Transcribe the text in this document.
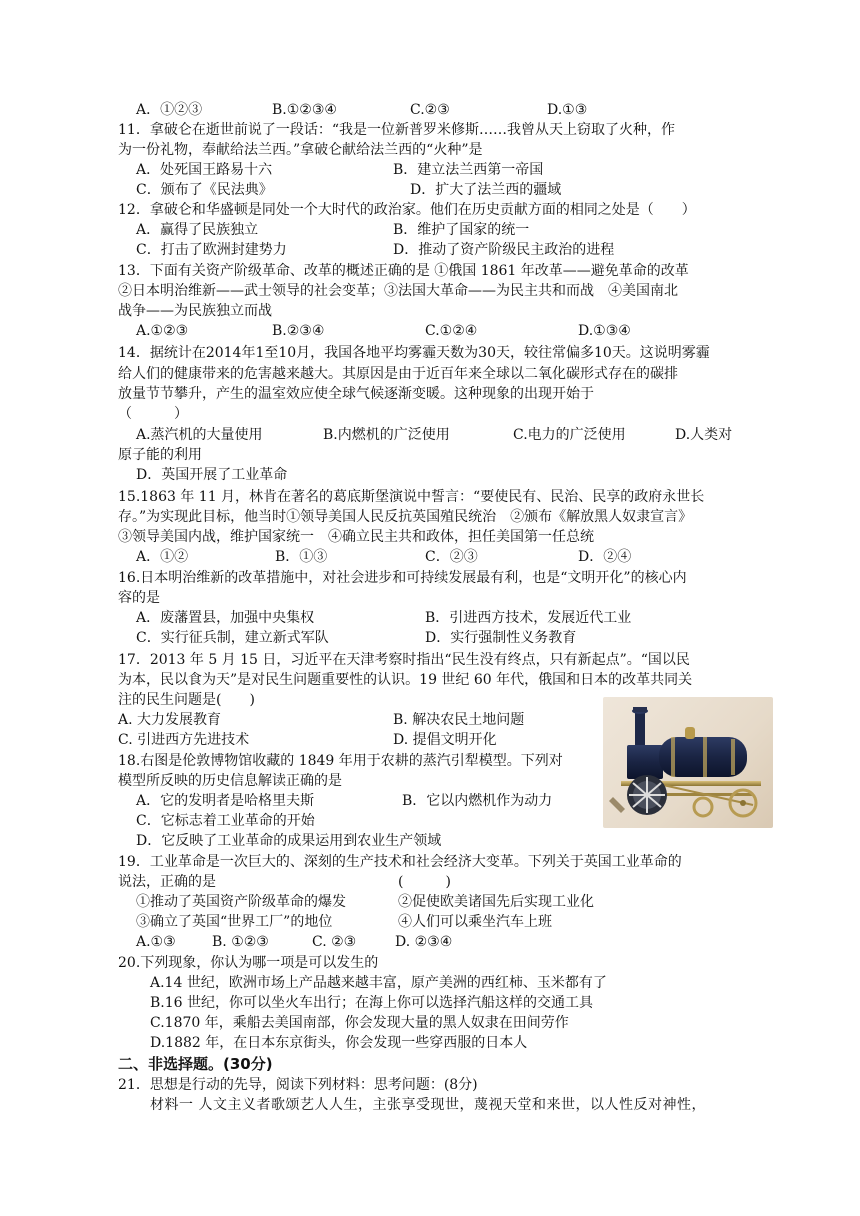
A．①②③	B.①②③④	C.②③	D.①③
11．拿破仑在逝世前说了一段话：“我是一位新普罗米修斯……我曾从天上窃取了火种，作
为一份礼物，奉献给法兰西。”拿破仑献给法兰西的“火种”是
A．处死国王路易十六	B．建立法兰西第一帝国
C．颁布了《民法典》	D．扩大了法兰西的疆域
12．拿破仑和华盛顿是同处一个大时代的政治家。他们在历史贡献方面的相同之处是（　　）
A．赢得了民族独立	B．维护了国家的统一
C．打击了欧洲封建势力	D．推动了资产阶级民主政治的进程
13．下面有关资产阶级革命、改革的概述正确的是 ①俄国 1861 年改革——避免革命的改革
②日本明治维新——武士领导的社会变革；③法国大革命——为民主共和而战　④美国南北
战争——为民族独立而战
A.①②③	B.②③④	C.①②④	D.①③④
14．据统计在2014年1至10月，我国各地平均雾霾天数为30天，较往常偏多10天。这说明雾霾
给人们的健康带来的危害越来越大。其原因是由于近百年来全球以二氧化碳形式存在的碳排
放量节节攀升，产生的温室效应使全球气候逐渐变暖。这种现象的出现开始于
（　　　）
A.蒸汽机的大量使用	B.内燃机的广泛使用	C.电力的广泛使用	D.人类对
原子能的利用
D．英国开展了工业革命
15.1863 年 11 月，林肯在著名的葛底斯堡演说中誓言：“要使民有、民治、民享的政府永世长
存。”为实现此目标，他当时①领导美国人民反抗英国殖民统治　②颁布《解放黑人奴隶宣言》
③领导美国内战，维护国家统一　④确立民主共和政体，担任美国第一任总统
A．①②	B．①③	C．②③	D．②④
16.日本明治维新的改革措施中，对社会进步和可持续发展最有利，也是“文明开化”的核心内
容的是
A．废藩置县，加强中央集权	B．引进西方技术，发展近代工业
C．实行征兵制，建立新式军队	D．实行强制性义务教育
17．2013 年 5 月 15 日，习近平在天津考察时指出“民生没有终点，只有新起点”。“国以民
为本，民以食为天”是对民生问题重要性的认识。19 世纪 60 年代，俄国和日本的改革共同关
注的民生问题是(　　)
A. 大力发展教育	B. 解决农民土地问题
C. 引进西方先进技术	D. 提倡文明开化
18.右图是伦敦博物馆收藏的 1849 年用于农耕的蒸汽引犁模型。下列对
模型所反映的历史信息解读正确的是
A．它的发明者是哈格里夫斯	B．它以内燃机作为动力
C．它标志着工业革命的开始
D．它反映了工业革命的成果运用到农业生产领域
19．工业革命是一次巨大的、深刻的生产技术和社会经济大变革。下列关于英国工业革命的
说法，正确的是	(　　　)
①推动了英国资产阶级革命的爆发	②促使欧美诸国先后实现工业化
③确立了英国“世界工厂”的地位	④人们可以乘坐汽车上班
A.①③	B. ①②③	C. ②③	D. ②③④
20.下列现象，你认为哪一项是可以发生的
A.14 世纪，欧洲市场上产品越来越丰富，原产美洲的西红柿、玉米都有了
B.16 世纪，你可以坐火车出行；在海上你可以选择汽船这样的交通工具
C.1870 年，乘船去美国南部，你会发现大量的黑人奴隶在田间劳作
D.1882 年，在日本东京街头，你会发现一些穿西服的日本人
二、非选择题。(30分)
21．思想是行动的先导，阅读下列材料：思考问题：(8分)
材料一 人文主义者歌颂艺人人生，主张享受现世，蔑视天堂和来世，以人性反对神性，
